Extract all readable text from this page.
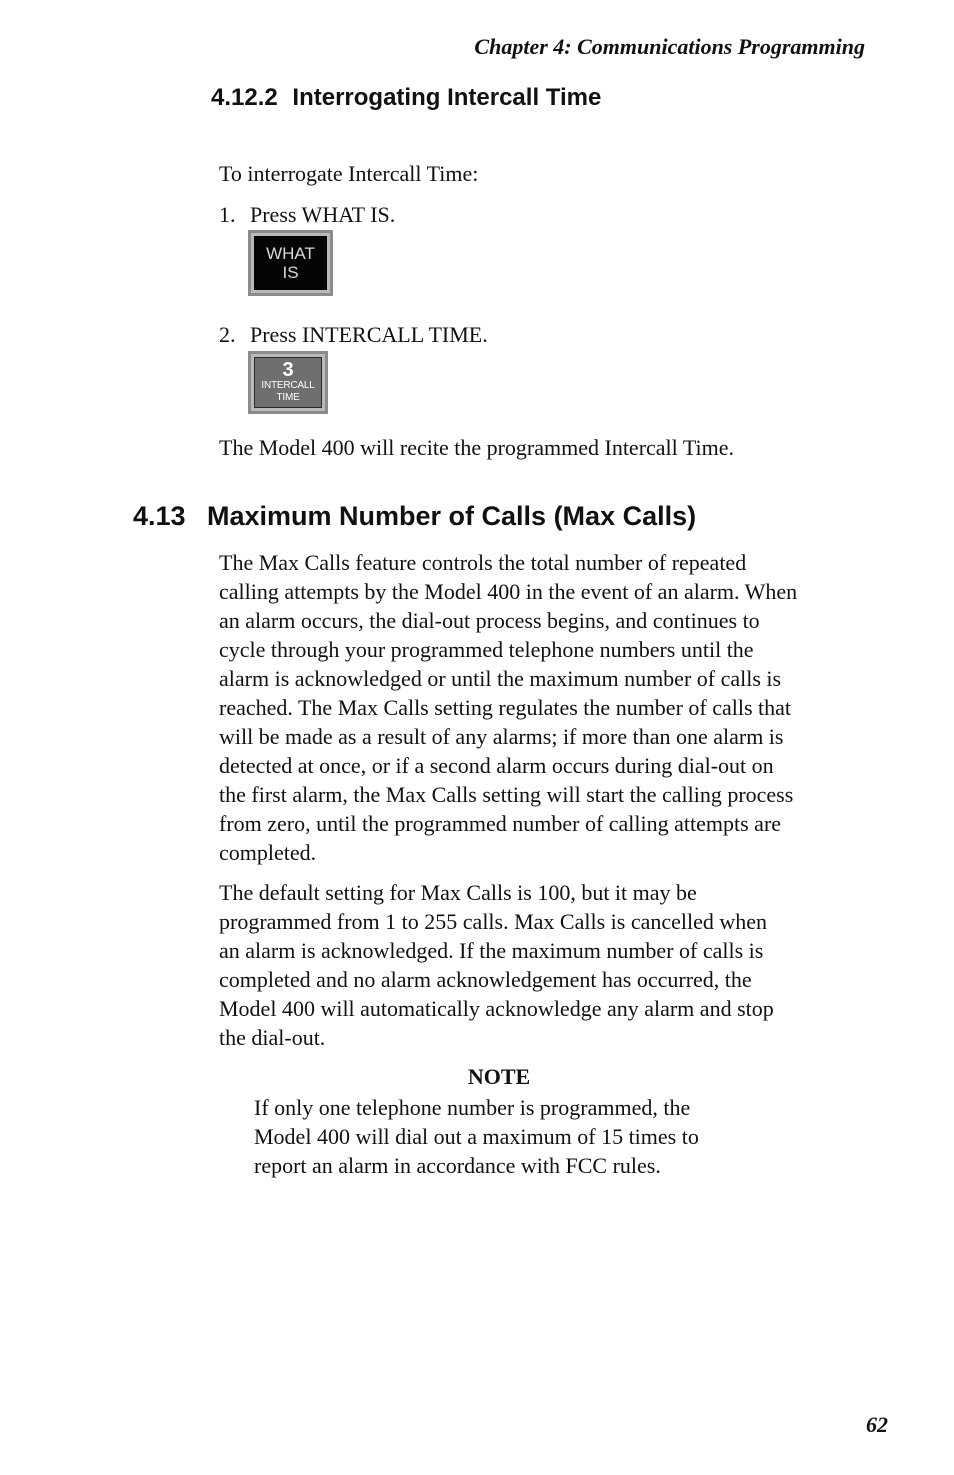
Chapter 4: Communications Programming
4.12.2 Interrogating Intercall Time
To interrogate Intercall Time:
1. Press WHAT IS.
WHAT
IS
2. Press INTERCALL TIME.
3
INTERCALL
TIME
The Model 400 will recite the programmed Intercall Time.
4.13 Maximum Number of Calls (Max Calls)
The Max Calls feature controls the total number of repeated
calling attempts by the Model 400 in the event of an alarm. When
an alarm occurs, the dial-out process begins, and continues to
cycle through your programmed telephone numbers until the
alarm is acknowledged or until the maximum number of calls is
reached. The Max Calls setting regulates the number of calls that
will be made as a result of any alarms; if more than one alarm is
detected at once, or if a second alarm occurs during dial-out on
the first alarm, the Max Calls setting will start the calling process
from zero, until the programmed number of calling attempts are
completed.
The default setting for Max Calls is 100, but it may be
programmed from 1 to 255 calls. Max Calls is cancelled when
an alarm is acknowledged. If the maximum number of calls is
completed and no alarm acknowledgement has occurred, the
Model 400 will automatically acknowledge any alarm and stop
the dial-out.
NOTE
If only one telephone number is programmed, the
Model 400 will dial out a maximum of 15 times to
report an alarm in accordance with FCC rules.
62
